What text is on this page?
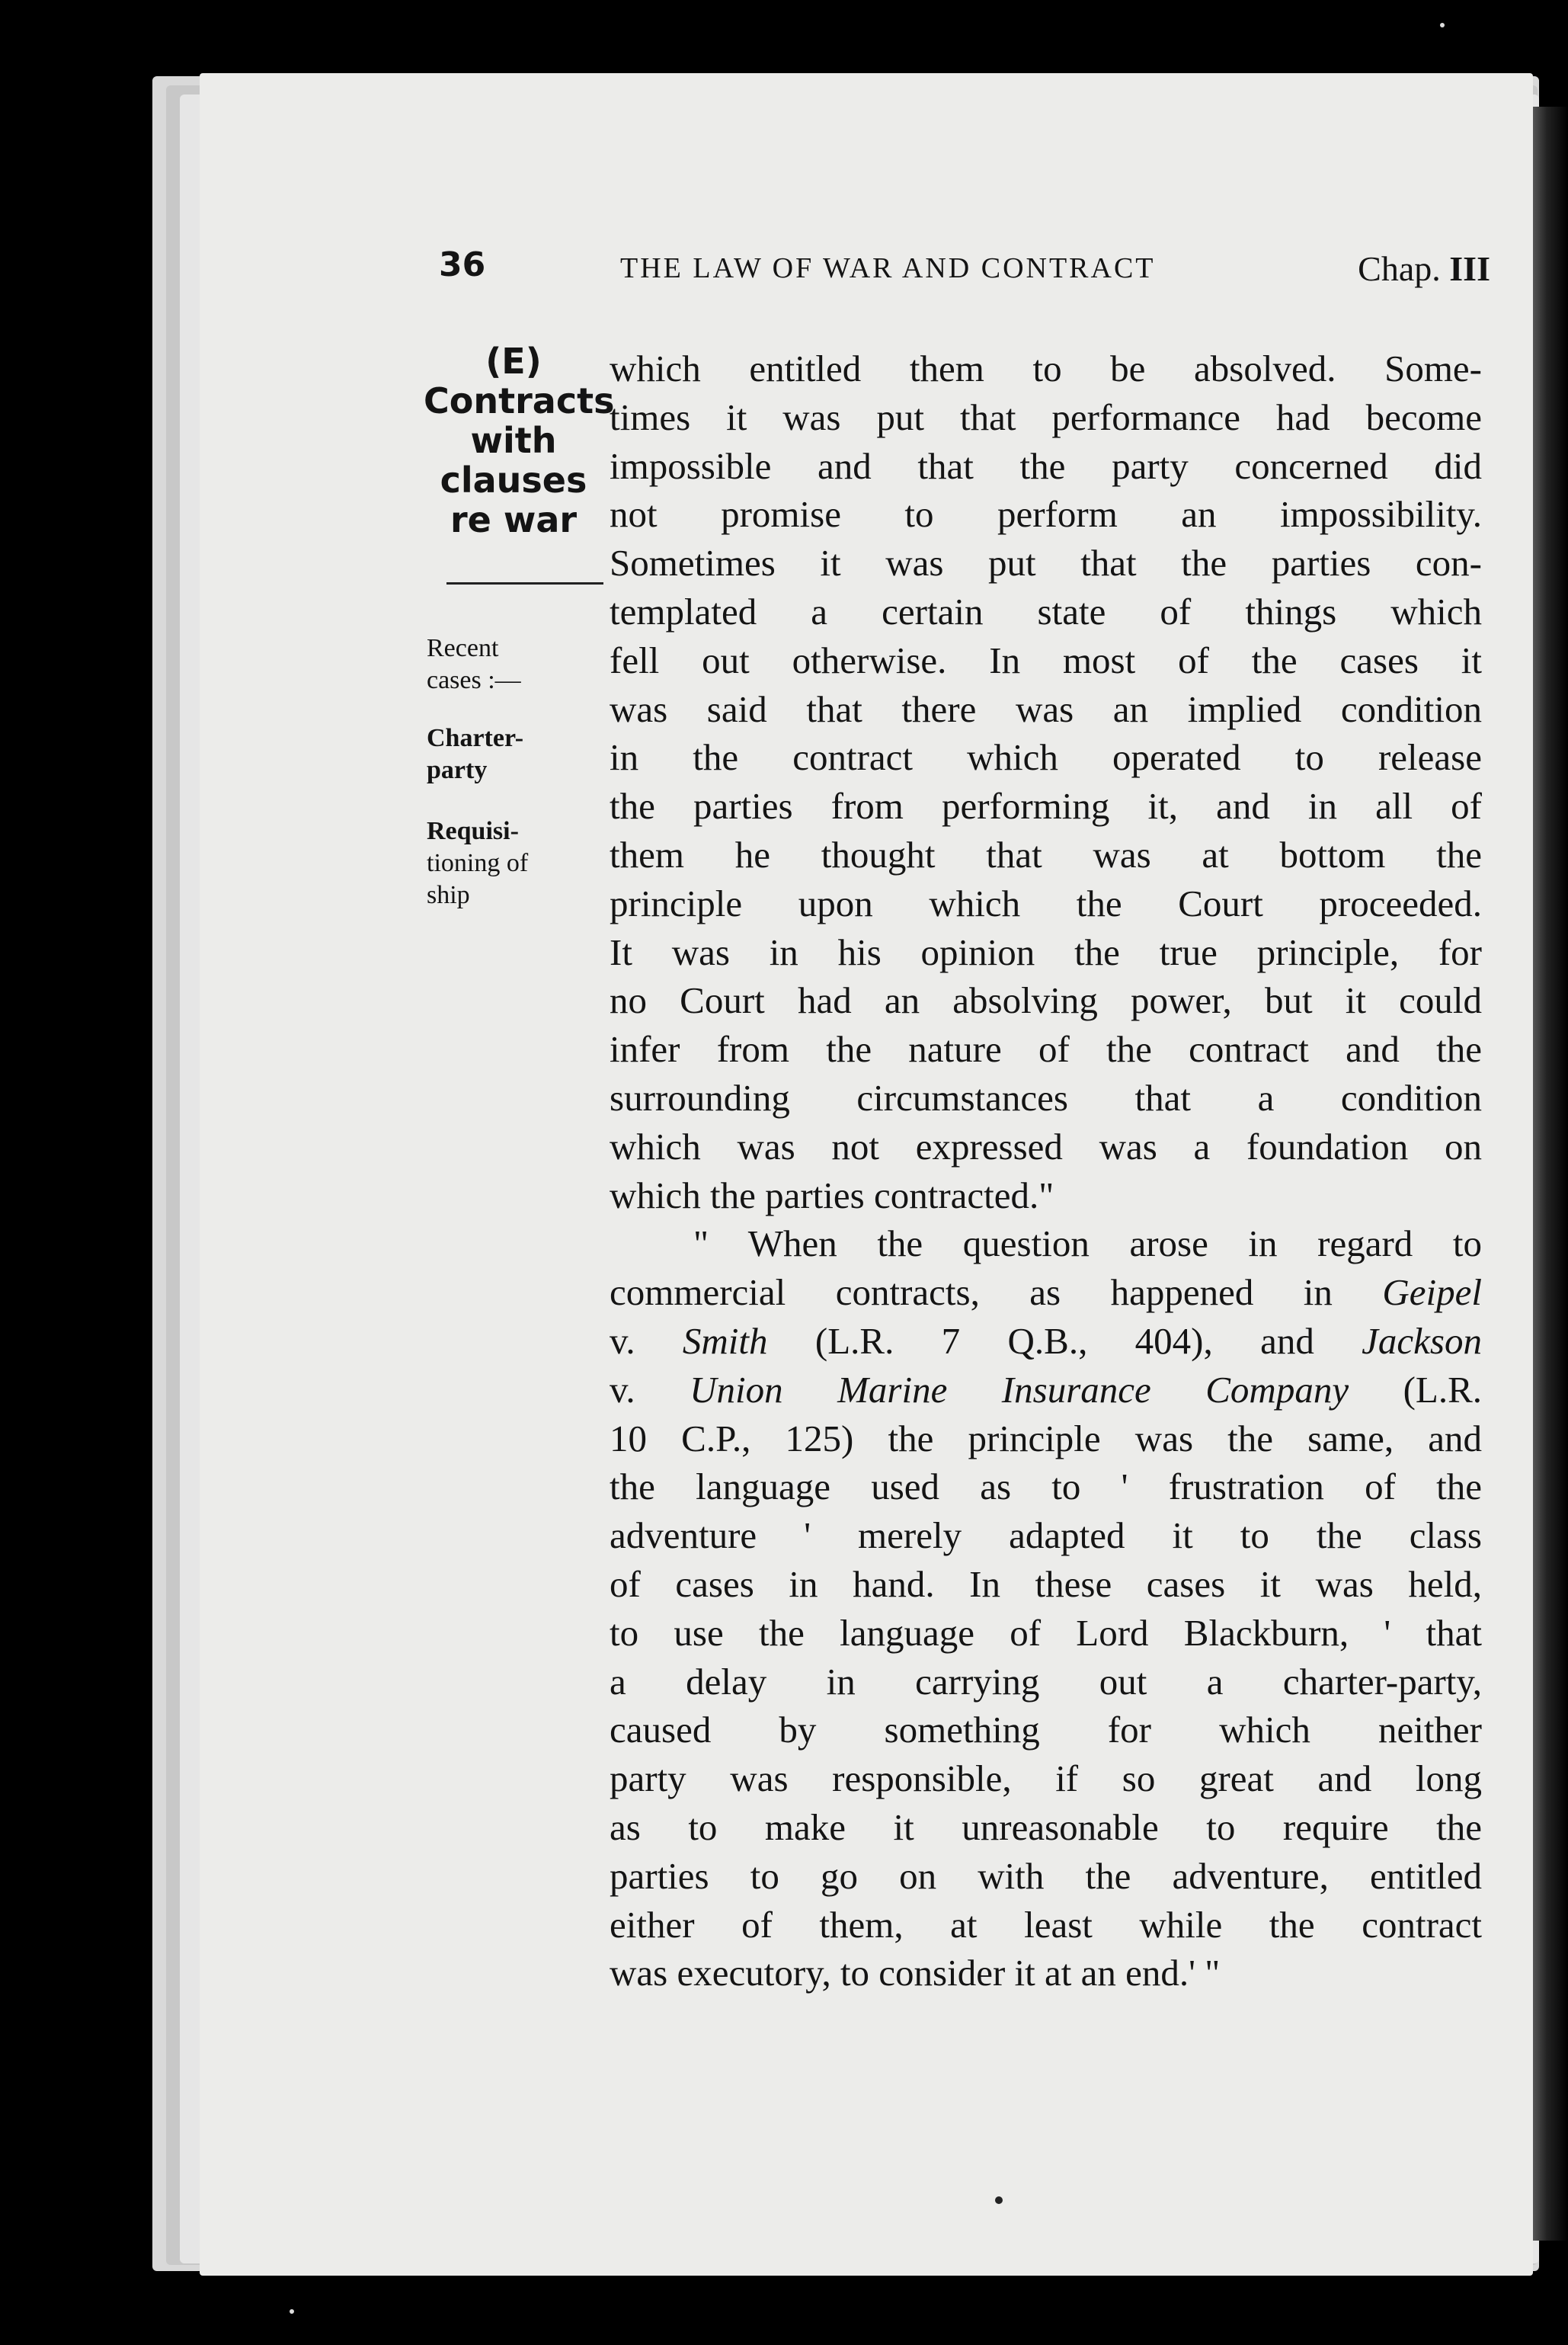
36	THE LAW OF WAR AND CONTRACT	Chap. III
(E)
Contracts
with
clauses
re war
Recent
cases :—
Charter-
party
Requisi-
tioning of
ship
which entitled them to be absolved. Some-
times it was put that performance had become
impossible and that the party concerned did
not promise to perform an impossibility.
Sometimes it was put that the parties con-
templated a certain state of things which
fell out otherwise. In most of the cases it
was said that there was an implied condition
in the contract which operated to release
the parties from performing it, and in all of
them he thought that was at bottom the
principle upon which the Court proceeded.
It was in his opinion the true principle, for
no Court had an absolving power, but it could
infer from the nature of the contract and the
surrounding circumstances that a condition
which was not expressed was a foundation on
which the parties contracted."
" When the question arose in regard to
commercial contracts, as happened in Geipel
v. Smith (L.R. 7 Q.B., 404), and Jackson
v. Union Marine Insurance Company (L.R.
10 C.P., 125) the principle was the same, and
the language used as to ' frustration of the
adventure ' merely adapted it to the class
of cases in hand. In these cases it was held,
to use the language of Lord Blackburn, ' that
a delay in carrying out a charter-party,
caused by something for which neither
party was responsible, if so great and long
as to make it unreasonable to require the
parties to go on with the adventure, entitled
either of them, at least while the contract
was executory, to consider it at an end.' "
